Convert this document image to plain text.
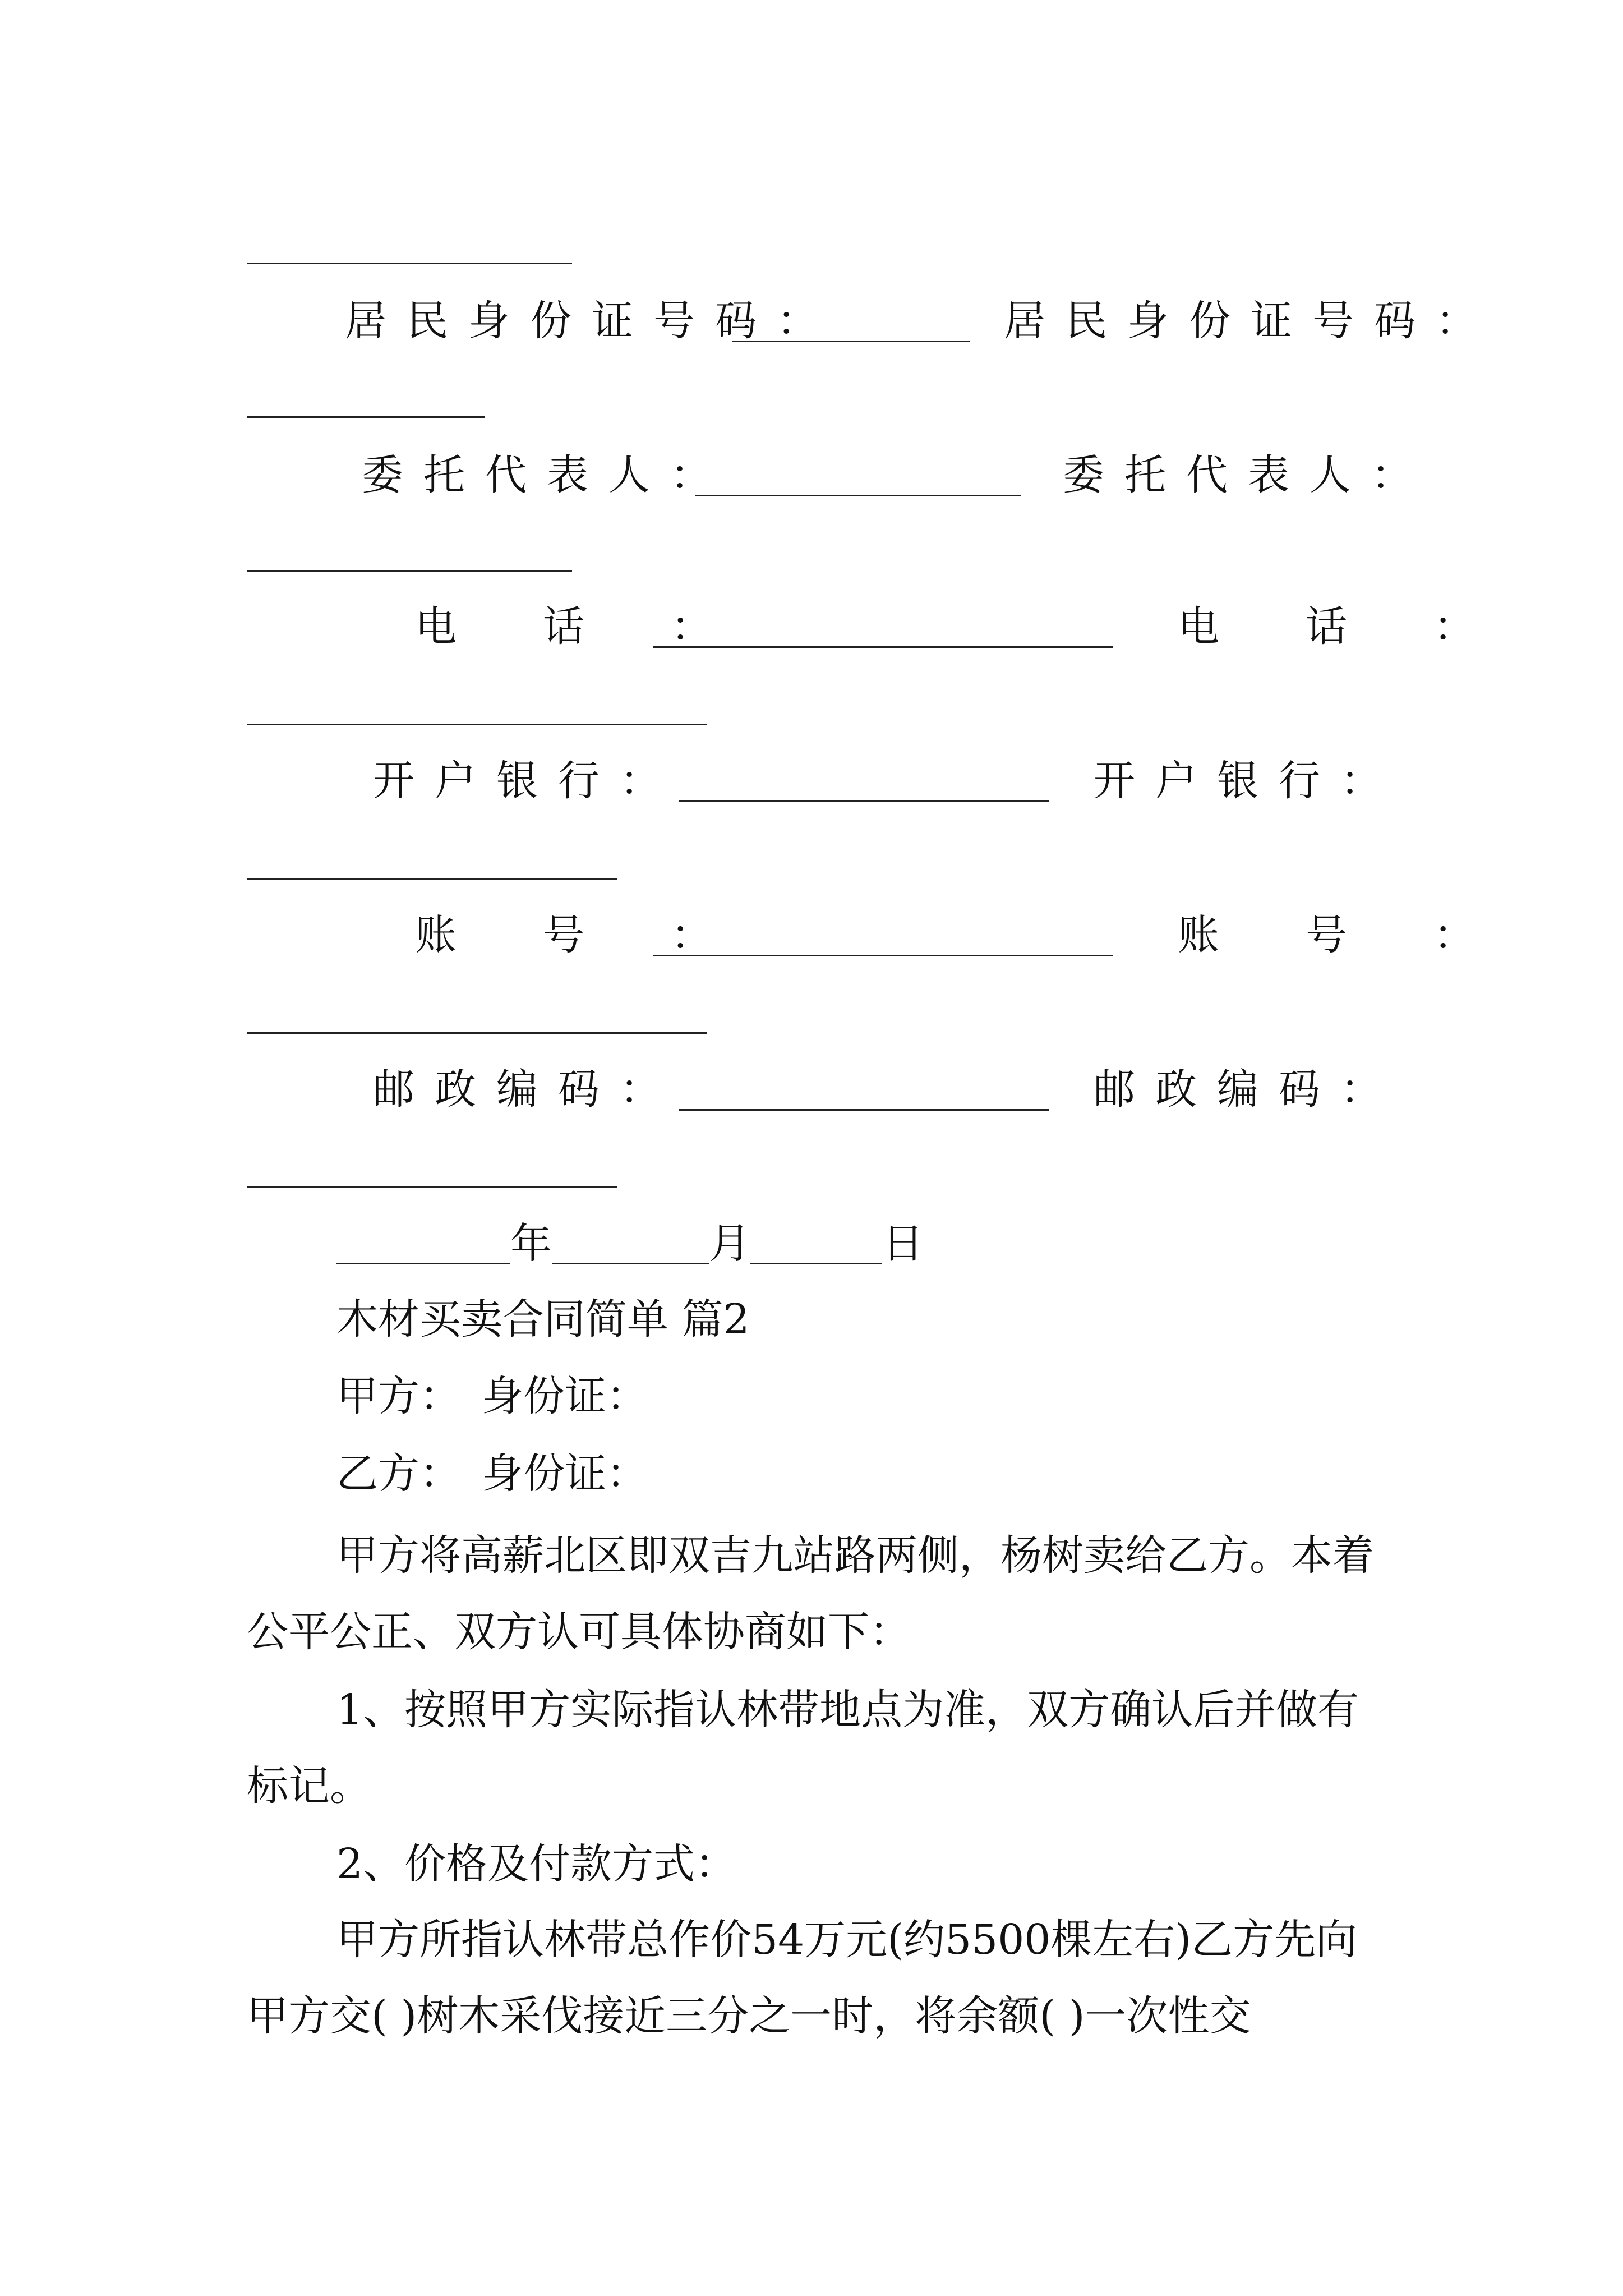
居民身份证号码：	居民身份证号码：
委托代表人：	委托代表人：
电　话　：	电　话　：
开户银行：	开户银行：
账　号　：	账　号　：
邮政编码：	邮政编码：
年	月	日
木材买卖合同简单 篇2
甲方：　身份证：
乙方：　身份证：
甲方将高薪北区即双吉九站路两侧，杨树卖给乙方。本着公平公正、双方认可具体协商如下：
1、按照甲方实际指认林带地点为准，双方确认后并做有标记。
2、价格及付款方式：
甲方所指认林带总作价54万元(约5500棵左右)乙方先向甲方交( )树木采伐接近三分之一时，将余额( )一次性交
